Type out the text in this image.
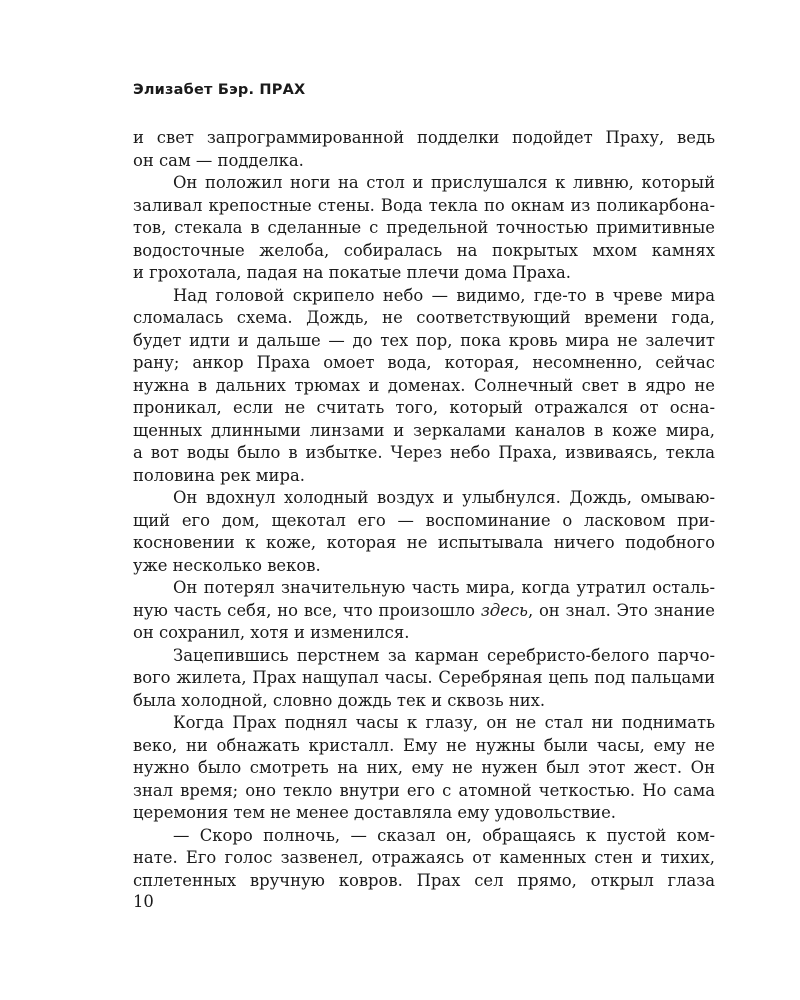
Элизабет Бэр. ПРАХ
и свет запрограммированной подделки подойдет Праху, ведь
он сам — подделка.
Он положил ноги на стол и прислушался к ливню, который
заливал крепостные стены. Вода текла по окнам из поликарбона-
тов, стекала в сделанные с предельной точностью примитивные
водосточные желоба, собиралась на покрытых мхом камнях
и грохотала, падая на покатые плечи дома Праха.
Над головой скрипело небо — видимо, где-то в чреве мира
сломалась схема. Дождь, не соответствующий времени года,
будет идти и дальше — до тех пор, пока кровь мира не залечит
рану; анкор Праха омоет вода, которая, несомненно, сейчас
нужна в дальних трюмах и доменах. Солнечный свет в ядро не
проникал, если не считать того, который отражался от осна-
щенных длинными линзами и зеркалами каналов в коже мира,
а вот воды было в избытке. Через небо Праха, извиваясь, текла
половина рек мира.
Он вдохнул холодный воздух и улыбнулся. Дождь, омываю-
щий его дом, щекотал его — воспоминание о ласковом при-
косновении к коже, которая не испытывала ничего подобного
уже несколько веков.
Он потерял значительную часть мира, когда утратил осталь-
ную часть себя, но все, что произошло здесь, он знал. Это знание
он сохранил, хотя и изменился.
Зацепившись перстнем за карман серебристо-белого парчо-
вого жилета, Прах нащупал часы. Серебряная цепь под пальцами
была холодной, словно дождь тек и сквозь них.
Когда Прах поднял часы к глазу, он не стал ни поднимать
веко, ни обнажать кристалл. Ему не нужны были часы, ему не
нужно было смотреть на них, ему не нужен был этот жест. Он
знал время; оно текло внутри его с атомной четкостью. Но сама
церемония тем не менее доставляла ему удовольствие.
— Скоро полночь, — сказал он, обращаясь к пустой ком-
нате. Его голос зазвенел, отражаясь от каменных стен и тихих,
сплетенных вручную ковров. Прах сел прямо, открыл глаза
10
